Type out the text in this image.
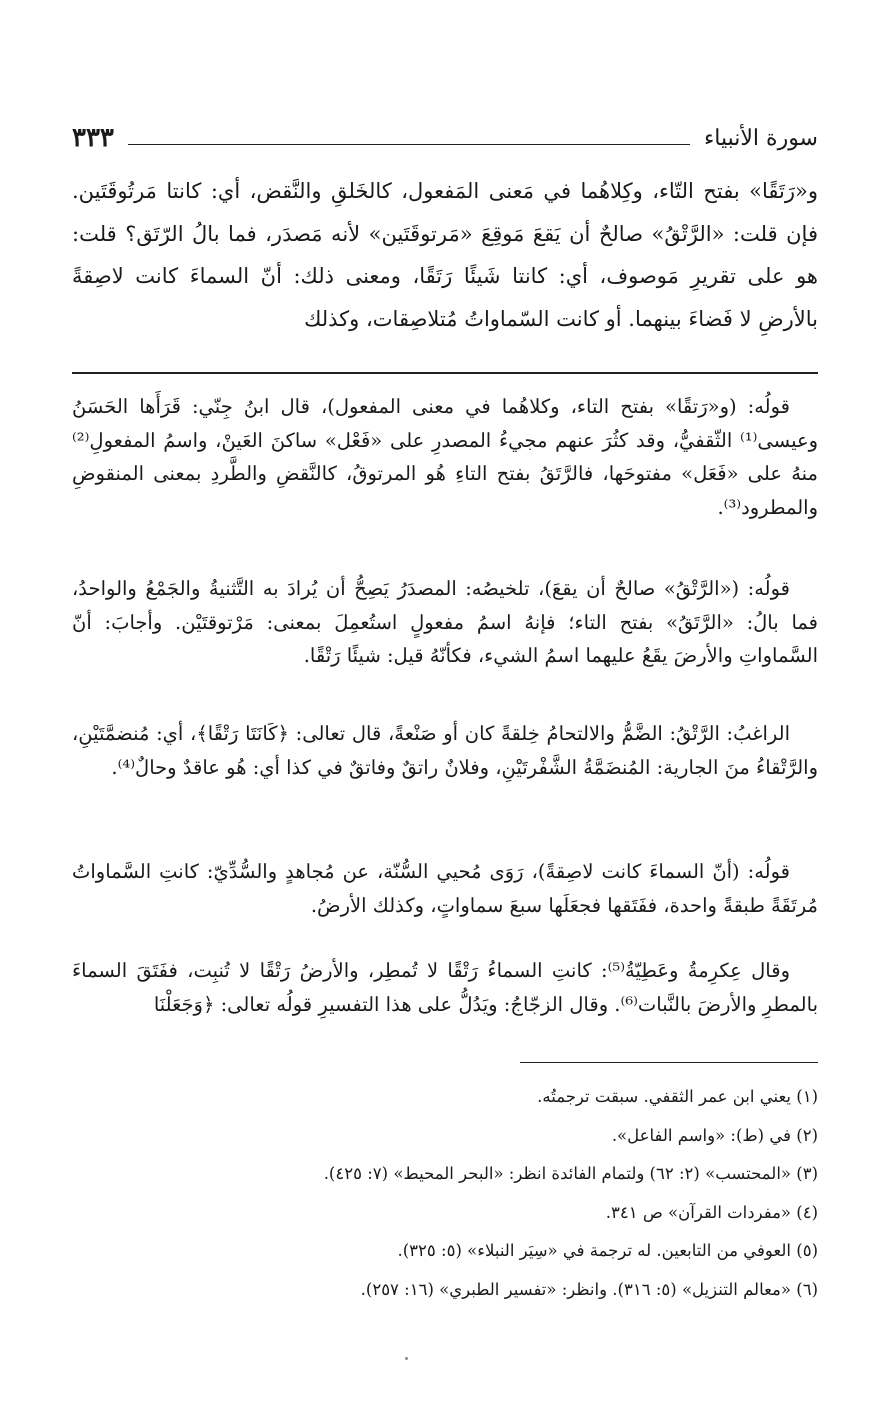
سورة الأنبياء
٣٣٣

و«رَتَقًا» بفتح التّاء، وكِلاهُما في مَعنى المَفعول، كالخَلقِ والنَّقض، أي: كانتا مَرتُوقَتَين. فإن قلت: «الرَّتْقُ» صالحٌ أن يَقعَ مَوقِعَ «مَرتوقَتَين» لأنه مَصدَر، فما بالُ الرّتَق؟ قلت: هو على تقريرِ مَوصوف، أي: كانتا شَيئًا رَتَقًا، ومعنى ذلك: أنّ السماءَ كانت لاصِقةً بالأرضِ لا فَضاءَ بينهما. أو كانت السّماواتُ مُتلاصِقات، وكذلك

قولُه: (و«رَتقًا» بفتح التاء، وكلاهُما في معنى المفعول)، قال ابنُ جِنّي: قَرَأَها الحَسَنُ وعيسى⁽¹⁾ الثّقفيُّ، وقد كثُرَ عنهم مجيءُ المصدرِ على «فَعْل» ساكنَ العَينْ، واسمُ المفعولِ⁽²⁾ منهُ على «فَعَل» مفتوحَها، فالرَّتَقُ بفتح التاءِ هُو المرتوقُ، كالنَّقضِ والطَّردِ بمعنى المنقوضِ والمطرود⁽³⁾.

قولُه: («الرَّتْقُ» صالحٌ أن يقعَ)، تلخيصُه: المصدَرُ يَصِحُّ أن يُرادَ به التَّثنيةُ والجَمْعُ والواحدُ، فما بالُ: «الرَّتَقُ» بفتح التاء؛ فإنهُ اسمُ مفعولٍ استُعمِلَ بمعنى: مَرْتوقتَيْن. وأجابَ: أنّ السَّماواتِ والأرضَ يقَعُ عليهما اسمُ الشيء، فكأنّهُ قيل: شيئًا رَتْقًا.

الراغبُ: الرَّتْقُ: الضَّمُّ والالتحامُ خِلقةً كان أو صَنْعةً، قال تعالى: ﴿كَانَتَا رَتْقًا﴾، أي: مُنضمَّتَيْنِ، والرَّتْقاءُ منَ الجارية: المُنضَمَّةُ الشَّفْرتَيْنِ، وفلانٌ راتقٌ وفاتقٌ في كذا أي: هُو عاقدٌ وحالٌ⁽⁴⁾.

قولُه: (أنّ السماءَ كانت لاصِقةً)، رَوَى مُحيي السُّنّة، عن مُجاهدٍ والسُّدِّيّ: كانتِ السَّماواتُ مُرتَقَةً طبقةً واحدة، ففَتَقها فجعَلَها سبعَ سماواتٍ، وكذلك الأرضُ.

وقال عِكرِمةُ وعَطِيّةُ⁽⁵⁾: كانتِ السماءُ رَتْقًا لا تُمطِر، والأرضُ رَتْقًا لا تُنبِت، ففَتَقَ السماءَ بالمطرِ والأرضَ بالنَّبات⁽⁶⁾. وقال الزجّاجُ: ويَدُلُّ على هذا التفسيرِ قولُه تعالى: ﴿وَجَعَلْنَا

(١) يعني ابن عمر الثقفي. سبقت ترجمتُه.
(٢) في (ط): «واسم الفاعل».
(٣) «المحتسب» (٢: ٦٢) ولتمام الفائدة انظر: «البحر المحيط» (٧: ٤٢٥).
(٤) «مفردات القرآن» ص ٣٤١.
(٥) العوفي من التابعين. له ترجمة في «سِيَر النبلاء» (٥: ٣٢٥).
(٦) «معالم التنزيل» (٥: ٣١٦). وانظر: «تفسير الطبري» (١٦: ٢٥٧).
